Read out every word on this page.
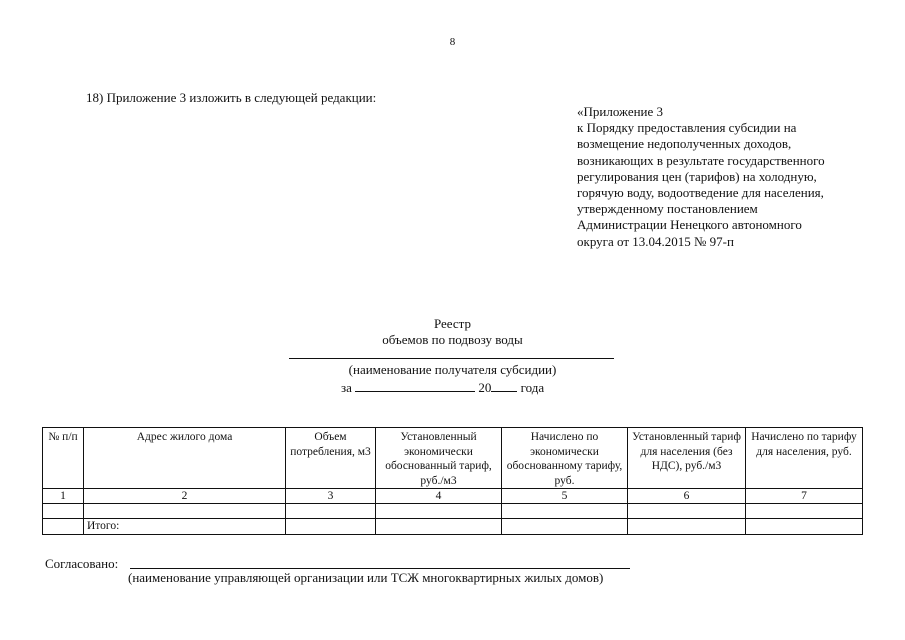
8
18) Приложение 3 изложить в следующей редакции:
«Приложение 3
к Порядку предоставления субсидии на
возмещение недополученных доходов,
возникающих в результате государственного
регулирования цен (тарифов) на холодную,
горячую воду, водоотведение для населения,
утвержденному постановлением
Администрации Ненецкого автономного
округа от 13.04.2015 № 97-п
Реестр
объемов по подвозу воды
(наименование получателя субсидии)
за	20 года
№ п/п	Адрес жилого дома	Объем потребления, м3	Установленный экономически обоснованный тариф, руб./м3	Начислено по экономически обоснованному тарифу, руб.	Установленный тариф для населения (без НДС), руб./м3	Начислено по тарифу для населения, руб.
1	2	3	4	5	6	7

	Итого:					
Согласовано:
(наименование управляющей организации или ТСЖ многоквартирных жилых домов)
